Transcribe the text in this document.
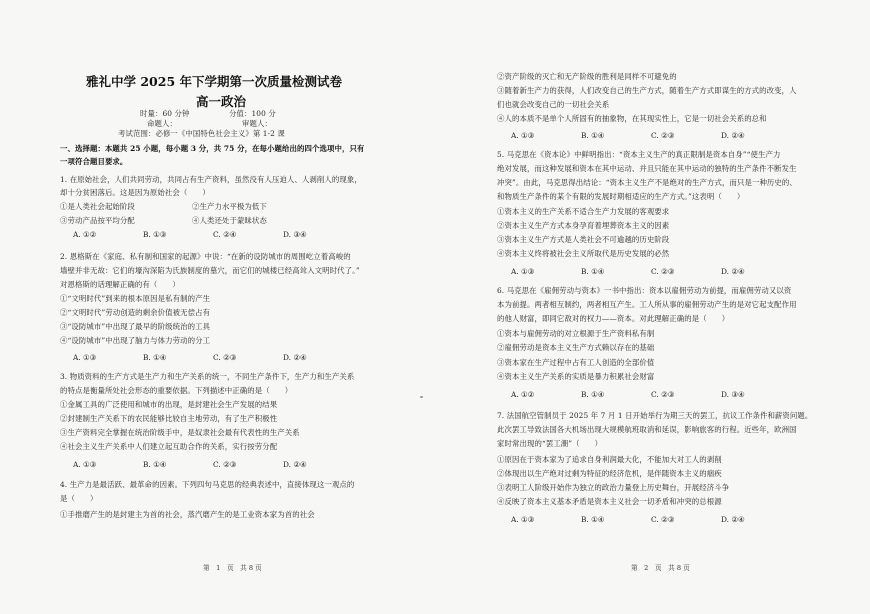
雅礼中学 2025 年下学期第一次质量检测试卷
高一政治
时量：60 分钟	分值：100 分
命题人：	审题人：
考试范围：必修一《中国特色社会主义》第 1-2 课
一、选择题：本题共 25 小题，每小题 3 分，共 75 分，在每小题给出的四个选项中，只有
一项符合题目要求。
1. 在原始社会，人们共同劳动，共同占有生产资料，虽然没有人压迫人、人剥削人的现象，
却十分贫困落后。这是因为原始社会（　　）
①是人类社会起始阶段	②生产力水平极为低下
③劳动产品按平均分配	④人类还处于蒙昧状态
A. ①②	B. ①③	C. ②④	D. ③④
2. 恩格斯在《家庭、私有制和国家的起源》中说：“在新的设防城市的周围屹立着高峻的
墙壁并非无故：它们的壕沟深陷为氏族制度的墓穴，而它们的城楼已经高耸入文明时代了。”
对恩格斯的话理解正确的有（　　）
①“文明时代”到来的根本原因是私有制的产生
②“文明时代”劳动创造的剩余价值被无偿占有
③“设防城市”中出现了最早的阶级统治的工具
④“设防城市”中出现了脑力与体力劳动的分工
A. ①③	B. ①④	C. ②③	D. ②④
3. 物质资料的生产方式是生产力和生产关系的统一，不同生产条件下，生产力和生产关系
的特点是衡量所处社会形态的重要依据。下列描述中正确的是（　　）
①金属工具的广泛使用和城市的出现，是封建社会生产发展的结果
②封建制生产关系下的农民能够比较自主地劳动，有了生产积极性
③生产资料完全掌握在统治阶级手中，是奴隶社会最有代表性的生产关系
④社会主义生产关系中人们建立起互助合作的关系，实行按劳分配
A. ①③	B. ①④	C. ②③	D. ②④
4. 生产力是最活跃、最革命的因素。下列四句马克思的经典表述中，直接体现这一观点的
是（　　）
①手推磨产生的是封建主为首的社会，蒸汽磨产生的是工业资本家为首的社会
第　1　页　共 8 页
②资产阶级的灭亡和无产阶级的胜利是同样不可避免的
③随着新生产力的获得，人们改变自己的生产方式，随着生产方式即谋生的方式的改变，人
们也就会改变自己的一切社会关系
④人的本质不是单个人所固有的抽象物，在其现实性上，它是一切社会关系的总和
A. ①③	B. ①④	C. ②③	D. ②④
5. 马克思在《资本论》中鲜明指出：“资本主义生产的真正限制是资本自身”“使生产力
绝对发展，而这种发展和资本在其中运动、并且只能在其中运动的独特的生产条件不断发生
冲突”。由此，马克思得出结论：“资本主义生产不是绝对的生产方式，而只是一种历史的、
和物质生产条件的某个有限的发展时期相适应的生产方式。”这表明（　　）
①资本主义的生产关系不适合生产力发展的客观要求
②资本主义生产方式本身孕育着埋葬资本主义的因素
③资本主义生产方式是人类社会不可逾越的历史阶段
④资本主义终将被社会主义所取代是历史发展的必然
A. ①③	B. ①④	C. ②③	D. ②④
6. 马克思在《雇佣劳动与资本》一书中指出：资本以雇佣劳动为前提，而雇佣劳动又以资
本为前提。两者相互制约，两者相互产生。工人所从事的雇佣劳动产生的是对它起支配作用
的他人财富，即同它敌对的权力——资本。对此理解正确的是（　　）
①资本与雇佣劳动的对立根源于生产资料私有制
②雇佣劳动是资本主义生产方式赖以存在的基础
③资本家在生产过程中占有工人创造的全部价值
④资本主义生产关系的实质是暴力积累社会财富
A. ①②	B. ①④	C. ②③	D. ③④
7. 法国航空管制员于 2025 年 7 月 1 日开始举行为期三天的罢工，抗议工作条件和薪资问题。
此次罢工导致法国各大机场出现大规模航班取消和延误，影响旅客的行程。近些年，欧洲国
家时常出现的“罢工潮”（　　）
①原因在于资本家为了追求自身利润最大化，不能加大对工人的剥削
②体现出以生产绝对过剩为特征的经济危机，是伴随资本主义的痼疾
③表明工人阶级开始作为独立的政治力量登上历史舞台，开展经济斗争
④反映了资本主义基本矛盾是资本主义社会一切矛盾和冲突的总根源
A. ①③	B. ①④	C. ②③	D. ②④
第　2　页　共 8 页
